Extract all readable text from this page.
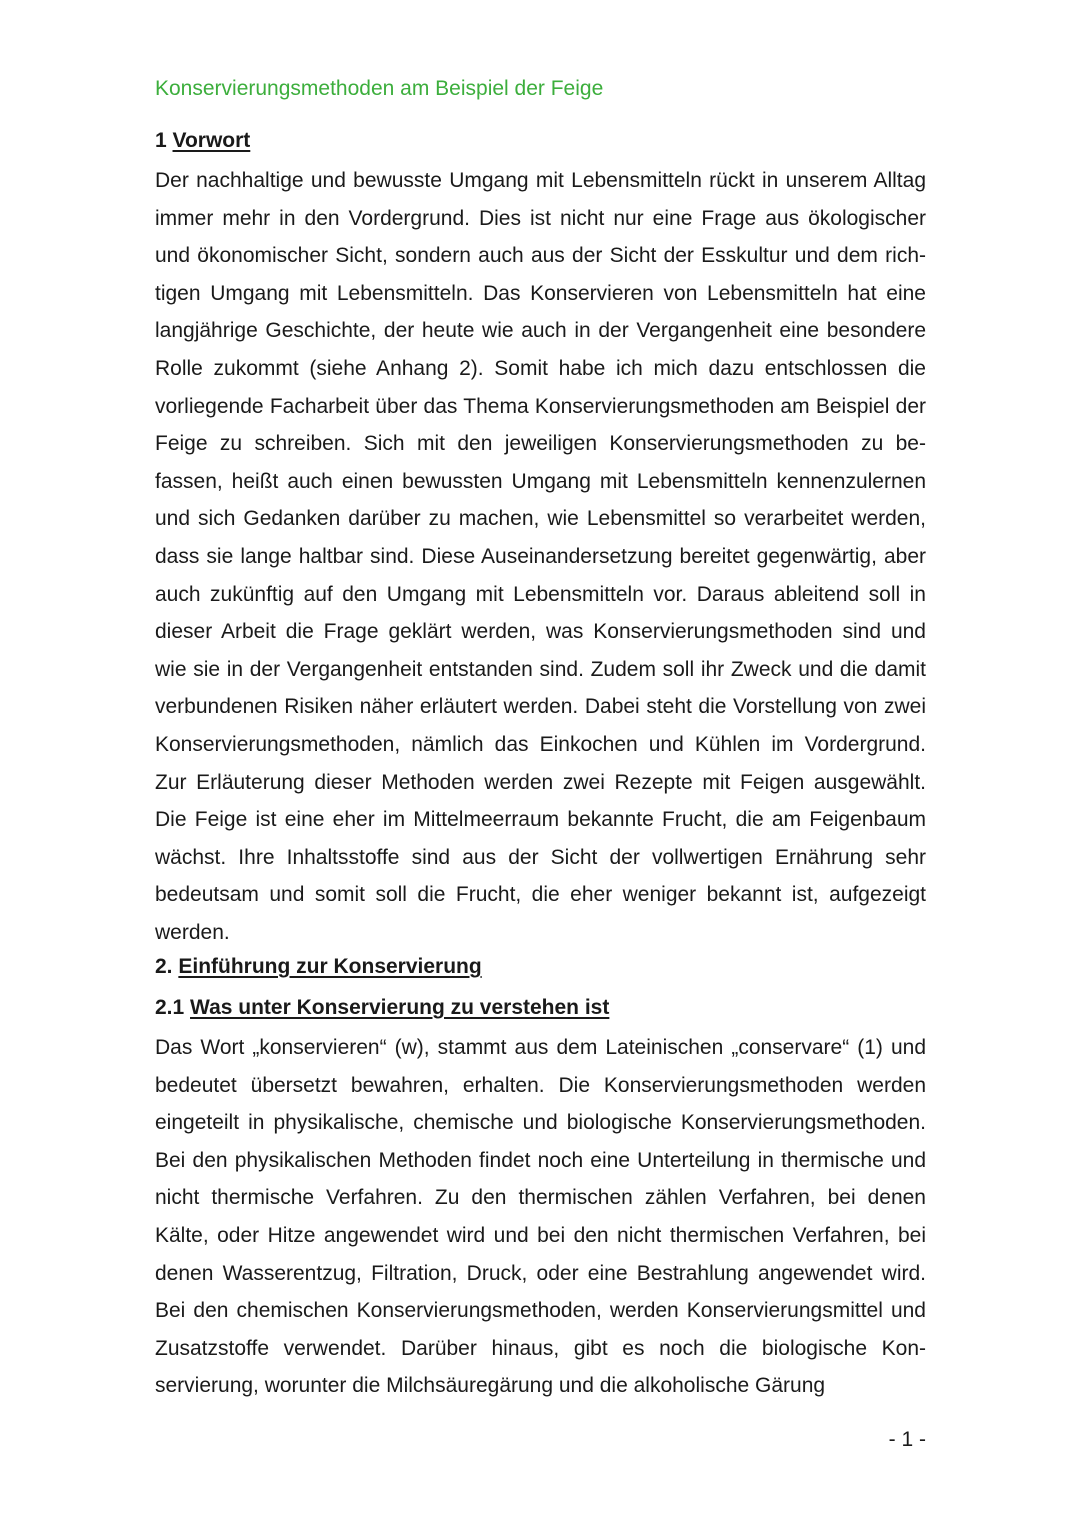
Konservierungsmethoden am Beispiel der Feige
1 Vorwort

Der nachhaltige und bewusste Umgang mit Lebensmitteln rückt in unserem Alltag immer mehr in den Vordergrund. Dies ist nicht nur eine Frage aus ökologischer und ökonomischer Sicht, sondern auch aus der Sicht der Esskultur und dem richtigen Umgang mit Lebensmitteln. Das Konservieren von Lebensmitteln hat eine langjährige Geschichte, der heute wie auch in der Vergangenheit eine besondere Rolle zukommt (siehe Anhang 2). Somit habe ich mich dazu entschlossen die vorliegende Facharbeit über das Thema Konservierungsmethoden am Beispiel der Feige zu schreiben. Sich mit den jeweiligen Konservierungsmethoden zu befassen, heißt auch einen bewussten Umgang mit Lebensmitteln kennenzulernen und sich Gedanken darüber zu machen, wie Lebensmittel so verarbeitet werden, dass sie lange haltbar sind. Diese Auseinandersetzung bereitet gegenwärtig, aber auch zukünftig auf den Umgang mit Lebensmitteln vor. Daraus ableitend soll in dieser Arbeit die Frage geklärt werden, was Konservierungsmethoden sind und wie sie in der Vergangenheit entstanden sind. Zudem soll ihr Zweck und die damit verbundenen Risiken näher erläutert werden. Dabei steht die Vorstellung von zwei Konservierungsmethoden, nämlich das Einkochen und Kühlen im Vordergrund. Zur Erläuterung dieser Methoden werden zwei Rezepte mit Feigen ausgewählt. Die Feige ist eine eher im Mittelmeerraum bekannte Frucht, die am Feigenbaum wächst. Ihre Inhaltsstoffe sind aus der Sicht der vollwertigen Ernährung sehr bedeutsam und somit soll die Frucht, die eher weniger bekannt ist, aufgezeigt werden.

2. Einführung zur Konservierung
2.1 Was unter Konservierung zu verstehen ist

Das Wort „konservieren“ (w), stammt aus dem Lateinischen „conservare“ (1) und bedeutet übersetzt bewahren, erhalten. Die Konservierungsmethoden werden eingeteilt in physikalische, chemische und biologische Konservierungsmethoden. Bei den physikalischen Methoden findet noch eine Unterteilung in thermische und nicht thermische Verfahren. Zu den thermischen zählen Verfahren, bei denen Kälte, oder Hitze angewendet wird und bei den nicht thermischen Verfahren, bei denen Wasserentzug, Filtration, Druck, oder eine Bestrahlung angewendet wird. Bei den chemischen Konservierungsmethoden, werden Konservierungsmittel und Zusatzstoffe verwendet. Darüber hinaus, gibt es noch die biologische Konservierung, worunter die Milchsäuregärung und die alkoholische Gärung

- 1 -
